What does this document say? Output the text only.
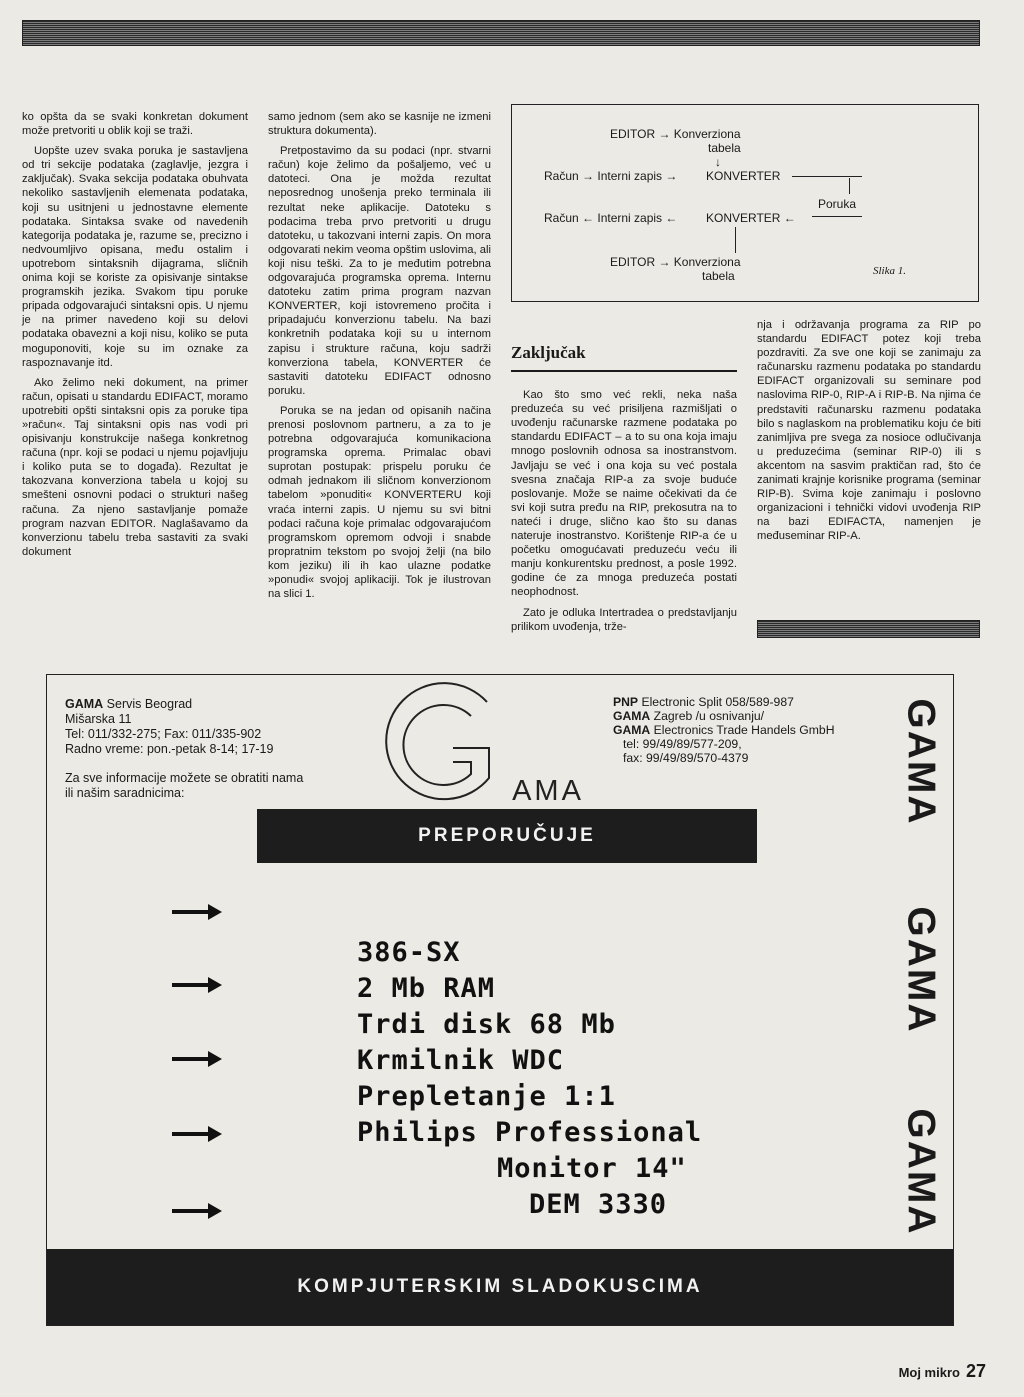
ko opšta da se svaki konkretan dokument može pretvoriti u oblik koji se traži.

Uopšte uzev svaka poruka je sastavljena od tri sekcije podataka (zaglavlje, jezgra i zaključak). Svaka sekcija podataka obuhvata nekoliko sastavljenih elemenata podataka, koji su usitnjeni u jednostavne elemente podataka. Sintaksa svake od navedenih kategorija podataka je, razume se, precizno i nedvoumljivo opisana, među ostalim i upotrebom sintaksnih dijagrama, sličnih onima koji se koriste za opisivanje sintakse programskih jezika. Svakom tipu poruke pripada odgovarajući sintaksni opis. U njemu je na primer navedeno koji su delovi podataka obavezni a koji nisu, koliko se puta moguponoviti, koje su im oznake za raspoznavanje itd.

Ako želimo neki dokument, na primer račun, opisati u standardu EDIFACT, moramo upotrebiti opšti sintaksni opis za poruke tipa »račun«. Taj sintaksni opis nas vodi pri opisivanju konstrukcije našega konkretnog računa (npr. koji se podaci u njemu pojavljuju i koliko puta se to događa). Rezultat je takozvana konverziona tabela u kojoj su smešteni osnovni podaci o strukturi našeg računa. Za njeno sastavljanje pomaže program nazvan EDITOR. Naglašavamo da konverzionu tabelu treba sastaviti za svaki dokument

samo jednom (sem ako se kasnije ne izmeni struktura dokumenta).

Pretpostavimo da su podaci (npr. stvarni račun) koje želimo da pošaljemo, već u datoteci. Ona je možda rezultat neposrednog unošenja preko terminala ili rezultat neke aplikacije. Datoteku s podacima treba prvo pretvoriti u drugu datoteku, u takozvani interni zapis. On mora odgovarati nekim veoma opštim uslovima, ali koji nisu teški. Za to je međutim potrebna odgovarajuća programska oprema. Internu datoteku zatim prima program nazvan KONVERTER, koji istovremeno pročita i pripadajuću konverzionu tabelu. Na bazi konkretnih podataka koji su u internom zapisu i strukture računa, koju sadrži konverziona tabela, KONVERTER će sastaviti datoteku EDIFACT odnosno poruku.

Poruka se na jedan od opisanih načina prenosi poslovnom partneru, a za to je potrebna odgovarajuća komunikaciona programska oprema. Primalac obavi suprotan postupak: prispelu poruku će odmah jednakom ili sličnom konverzionom tabelom »ponuditi« KONVERTERU koji vraća interni zapis. U njemu su svi bitni podaci računa koje primalac odgovarajućom programskom opremom odvoji i snabde propratnim tekstom po svojoj želji (na bilo kom jeziku) ili ih kao ulazne podatke »ponudi« svojoj aplikaciji. Tok je ilustrovan na slici 1.

EDITOR → Konverziona
tabela
↓
Račun → Interni zapis → KONVERTER
Poruka
Račun ← Interni zapis ← KONVERTER ←
EDITOR → Konverziona
tabela	Slika 1.
Zaključak

Kao što smo već rekli, neka naša preduzeća su već prisiljena razmišljati o uvođenju računarske razmene podataka po standardu EDIFACT – a to su ona koja imaju mnogo poslovnih odnosa sa inostranstvom. Javljaju se već i ona koja su već postala svesna značaja RIP-a za svoje buduće poslovanje. Može se naime očekivati da će svi koji sutra pređu na RIP, prekosutra na to nateći i druge, slično kao što su danas nateruje inostranstvo. Korištenje RIP-a će u početku omogućavati preduzeću veću ili manju konkurentsku prednost, a posle 1992. godine će za mnoga preduzeća postati neophodnost.

Zato je odluka Intertradea o predstavljanju prilikom uvođenja, trže-

nja i održavanja programa za RIP po standardu EDIFACT potez koji treba pozdraviti. Za sve one koji se zanimaju za računarsku razmenu podataka po standardu EDIFACT organizovali su seminare pod naslovima RIP-0, RIP-A i RIP-B. Na njima će predstaviti računarsku razmenu podataka bilo s naglaskom na problematiku koju će biti zanimljiva pre svega za nosioce odlučivanja u preduzećima (seminar RIP-0) ili s akcentom na sasvim praktičan rad, što će zanimati krajnje korisnike programa (seminar RIP-B). Svima koje zanimaju i poslovno organizacioni i tehnički vidovi uvođenja RIP na bazi EDIFACTA, namenjen je međuseminar RIP-A.

GAMA Servis Beograd
Mišarska 11
Tel: 011/332-275; Fax: 011/335-902
Radno vreme: pon.-petak 8-14; 17-19
Za sve informacije možete se obratiti nama ili našim saradnicima:	AMA
PNP Electronic Split 058/589-987
GAMA Zagreb /u osnivanju/
GAMA Electronics Trade Handels GmbH
tel: 99/49/89/577-209,
fax: 99/49/89/570-4379
PREPORUČUJE
386-SX
2 Mb RAM
Trdi disk 68 Mb
Krmilnik WDC
Prepletanje 1:1
Philips Professional
Monitor 14"
DEM 3330
GAMA
GAMA
GAMA
KOMPJUTERSKIM SLADOKUSCIMA
Moj mikro 27
